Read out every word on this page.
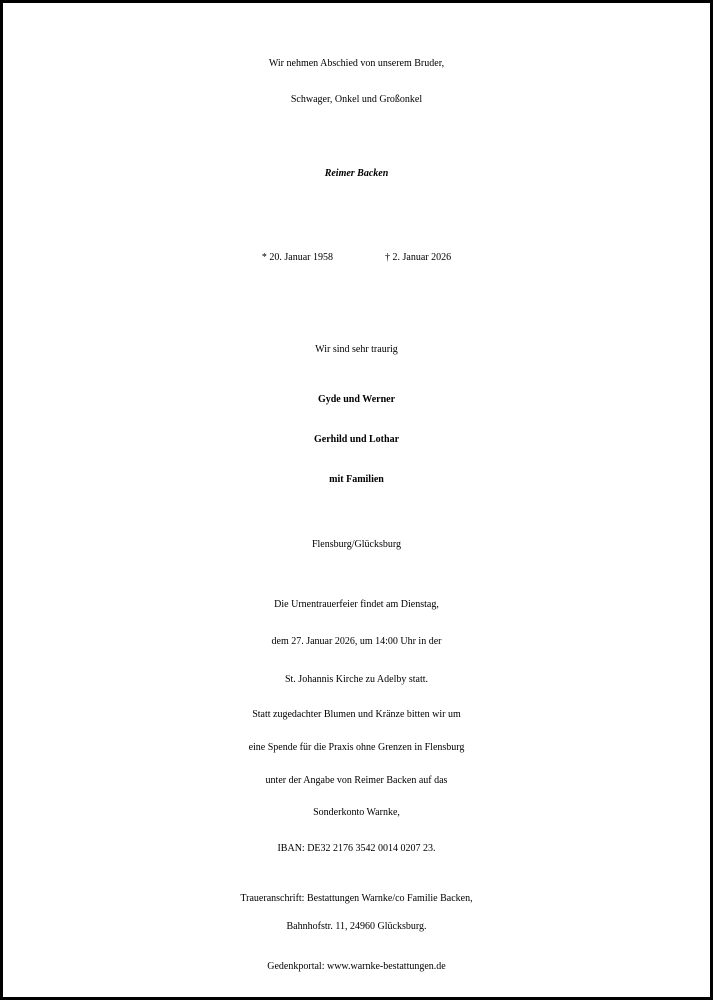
Wir nehmen Abschied von unserem Bruder,
Schwager, Onkel und Großonkel
Reimer Backen
* 20. Januar 1958	† 2. Januar 2026
Wir sind sehr traurig
Gyde und Werner
Gerhild und Lothar
mit Familien
Flensburg/Glücksburg
Die Urnentrauerfeier findet am Dienstag,
dem 27. Januar 2026, um 14:00 Uhr in der
St. Johannis Kirche zu Adelby statt.
Statt zugedachter Blumen und Kränze bitten wir um
eine Spende für die Praxis ohne Grenzen in Flensburg
unter der Angabe von Reimer Backen auf das
Sonderkonto Warnke,
IBAN: DE32 2176 3542 0014 0207 23.
Traueranschrift: Bestattungen Warnke/co Familie Backen,
Bahnhofstr. 11, 24960 Glücksburg.
Gedenkportal: www.warnke-bestattungen.de
